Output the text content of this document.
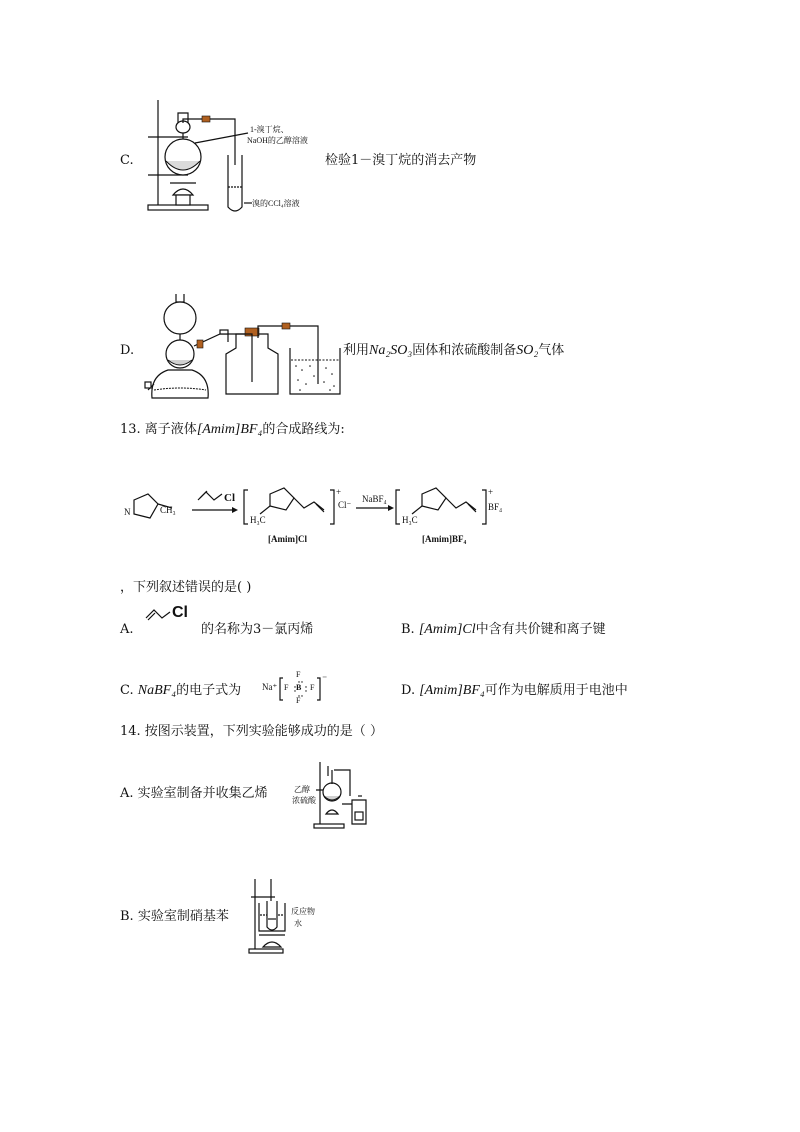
C.
1-溴丁烷、
NaOH的乙醇溶液
溴的CCl₄溶液
检验1－溴丁烷的消去产物
D.	利用Na₂SO₃固体和浓硫酸制备SO₂气体
13. 离子液体[Amim]BF₄的合成路线为:
N	CH₃
Cl
H₃C
+
Cl⁻
NaBF₄
H₃C
+
BF₄
[Amim]Cl	[Amim]BF₄
，下列叙述错误的是( )
A.
Cl
的名称为3－氯丙烯	B. [Amim]Cl中含有共价键和离子键
C. NaBF₄的电子式为 Na⁺
F
F B F
F
⁻
D. [Amim]BF₄可作为电解质用于电池中
14. 按图示装置，下列实验能够成功的是（ ）
A. 实验室制备并收集乙烯	乙醇
浓硫酸
B. 实验室制硝基苯	反应物
水
